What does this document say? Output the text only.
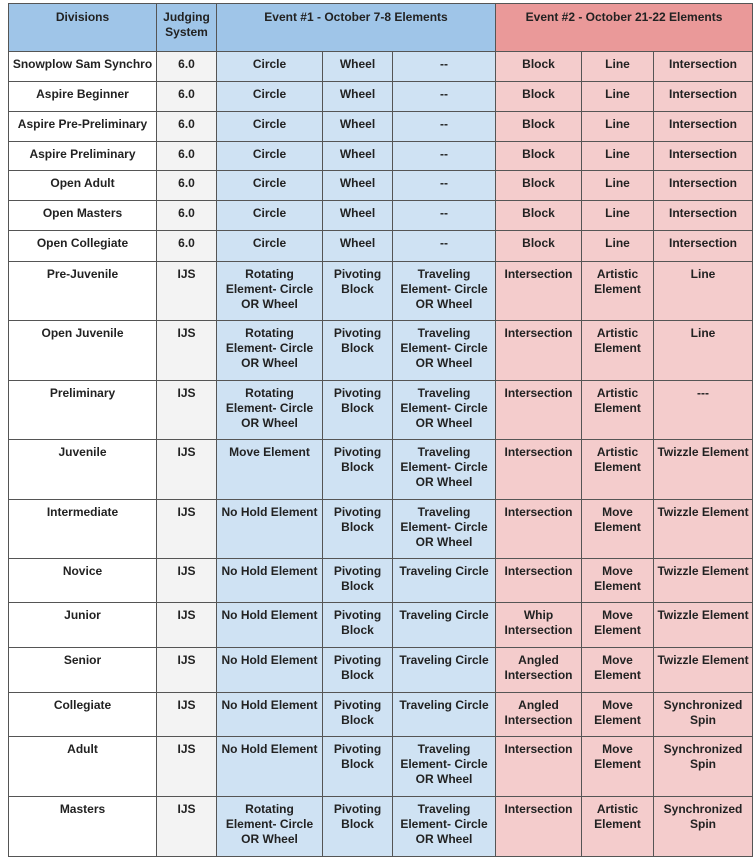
Divisions	Judging System	Event #1 - October 7-8 Elements			Event #2 - October 21-22 Elements		
Snowplow Sam Synchro	6.0	Circle	Wheel	--	Block	Line	Intersection
Aspire Beginner	6.0	Circle	Wheel	--	Block	Line	Intersection
Aspire Pre-Preliminary	6.0	Circle	Wheel	--	Block	Line	Intersection
Aspire Preliminary	6.0	Circle	Wheel	--	Block	Line	Intersection
Open Adult	6.0	Circle	Wheel	--	Block	Line	Intersection
Open Masters	6.0	Circle	Wheel	--	Block	Line	Intersection
Open Collegiate	6.0	Circle	Wheel	--	Block	Line	Intersection
Pre-Juvenile	IJS	Rotating Element- Circle OR Wheel	Pivoting Block	Traveling Element- Circle OR Wheel	Intersection	Artistic Element	Line
Open Juvenile	IJS	Rotating Element- Circle OR Wheel	Pivoting Block	Traveling Element- Circle OR Wheel	Intersection	Artistic Element	Line
Preliminary	IJS	Rotating Element- Circle OR Wheel	Pivoting Block	Traveling Element- Circle OR Wheel	Intersection	Artistic Element	---
Juvenile	IJS	Move Element	Pivoting Block	Traveling Element- Circle OR Wheel	Intersection	Artistic Element	Twizzle Element
Intermediate	IJS	No Hold Element	Pivoting Block	Traveling Element- Circle OR Wheel	Intersection	Move Element	Twizzle Element
Novice	IJS	No Hold Element	Pivoting Block	Traveling Circle	Intersection	Move Element	Twizzle Element
Junior	IJS	No Hold Element	Pivoting Block	Traveling Circle	Whip Intersection	Move Element	Twizzle Element
Senior	IJS	No Hold Element	Pivoting Block	Traveling Circle	Angled Intersection	Move Element	Twizzle Element
Collegiate	IJS	No Hold Element	Pivoting Block	Traveling Circle	Angled Intersection	Move Element	Synchronized Spin
Adult	IJS	No Hold Element	Pivoting Block	Traveling Element- Circle OR Wheel	Intersection	Move Element	Synchronized Spin
Masters	IJS	Rotating Element- Circle OR Wheel	Pivoting Block	Traveling Element- Circle OR Wheel	Intersection	Artistic Element	Synchronized Spin
